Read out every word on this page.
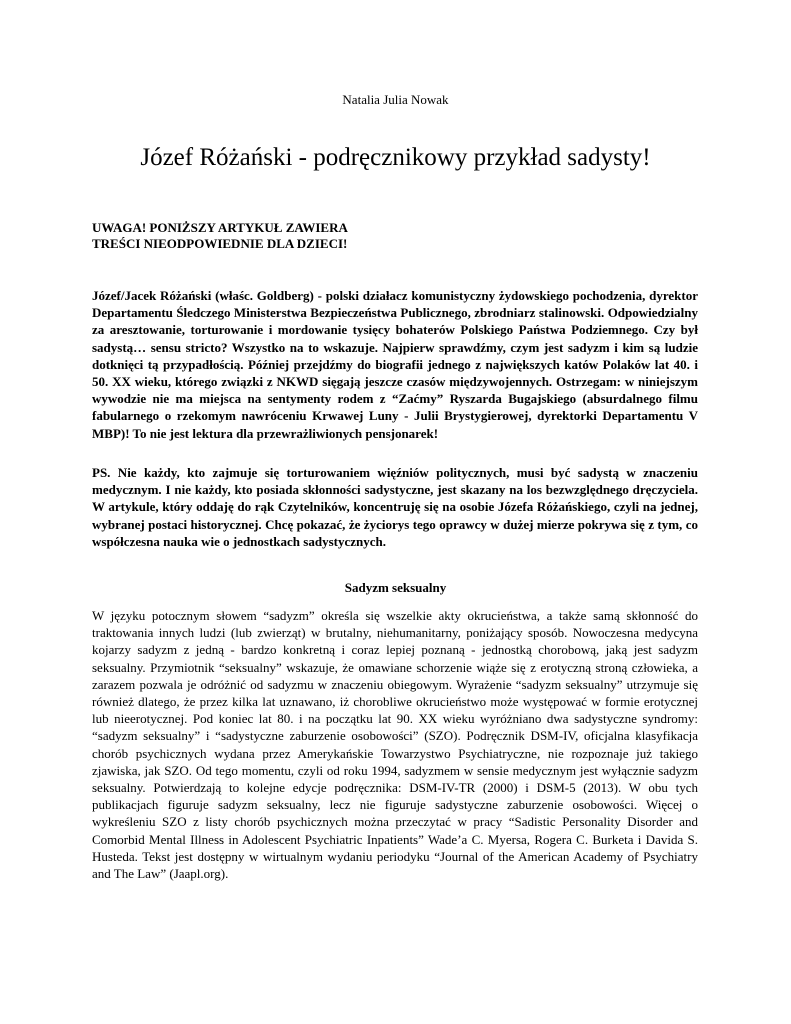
Natalia Julia Nowak
Józef Różański - podręcznikowy przykład sadysty!

UWAGA! PONIŻSZY ARTYKUŁ ZAWIERA
TREŚCI NIEODPOWIEDNIE DLA DZIECI!

Józef/Jacek Różański (właśc. Goldberg) - polski działacz komunistyczny żydowskiego pochodzenia, dyrektor Departamentu Śledczego Ministerstwa Bezpieczeństwa Publicznego, zbrodniarz stalinowski. Odpowiedzialny za aresztowanie, torturowanie i mordowanie tysięcy bohaterów Polskiego Państwa Podziemnego. Czy był sadystą… sensu stricto? Wszystko na to wskazuje. Najpierw sprawdźmy, czym jest sadyzm i kim są ludzie dotknięci tą przypadłością. Później przejdźmy do biografii jednego z największych katów Polaków lat 40. i 50. XX wieku, którego związki z NKWD sięgają jeszcze czasów międzywojennych. Ostrzegam: w niniejszym wywodzie nie ma miejsca na sentymenty rodem z “Zaćmy” Ryszarda Bugajskiego (absurdalnego filmu fabularnego o rzekomym nawróceniu Krwawej Luny - Julii Brystygierowej, dyrektorki Departamentu V MBP)! To nie jest lektura dla przewrażliwionych pensjonarek!

PS. Nie każdy, kto zajmuje się torturowaniem więźniów politycznych, musi być sadystą w znaczeniu medycznym. I nie każdy, kto posiada skłonności sadystyczne, jest skazany na los bezwzględnego dręczyciela. W artykule, który oddaję do rąk Czytelników, koncentruję się na osobie Józefa Różańskiego, czyli na jednej, wybranej postaci historycznej. Chcę pokazać, że życiorys tego oprawcy w dużej mierze pokrywa się z tym, co współczesna nauka wie o jednostkach sadystycznych.

Sadyzm seksualny

W języku potocznym słowem “sadyzm” określa się wszelkie akty okrucieństwa, a także samą skłonność do traktowania innych ludzi (lub zwierząt) w brutalny, niehumanitarny, poniżający sposób. Nowoczesna medycyna kojarzy sadyzm z jedną - bardzo konkretną i coraz lepiej poznaną - jednostką chorobową, jaką jest sadyzm seksualny. Przymiotnik “seksualny” wskazuje, że omawiane schorzenie wiąże się z erotyczną stroną człowieka, a zarazem pozwala je odróżnić od sadyzmu w znaczeniu obiegowym. Wyrażenie “sadyzm seksualny” utrzymuje się również dlatego, że przez kilka lat uznawano, iż chorobliwe okrucieństwo może występować w formie erotycznej lub nieerotycznej. Pod koniec lat 80. i na początku lat 90. XX wieku wyróżniano dwa sadystyczne syndromy: “sadyzm seksualny” i “sadystyczne zaburzenie osobowości” (SZO). Podręcznik DSM-IV, oficjalna klasyfikacja chorób psychicznych wydana przez Amerykańskie Towarzystwo Psychiatryczne, nie rozpoznaje już takiego zjawiska, jak SZO. Od tego momentu, czyli od roku 1994, sadyzmem w sensie medycznym jest wyłącznie sadyzm seksualny. Potwierdzają to kolejne edycje podręcznika: DSM-IV-TR (2000) i DSM-5 (2013). W obu tych publikacjach figuruje sadyzm seksualny, lecz nie figuruje sadystyczne zaburzenie osobowości. Więcej o wykreśleniu SZO z listy chorób psychicznych można przeczytać w pracy “Sadistic Personality Disorder and Comorbid Mental Illness in Adolescent Psychiatric Inpatients” Wade’a C. Myersa, Rogera C. Burketa i Davida S. Husteda. Tekst jest dostępny w wirtualnym wydaniu periodyku “Journal of the American Academy of Psychiatry and The Law” (Jaapl.org).
